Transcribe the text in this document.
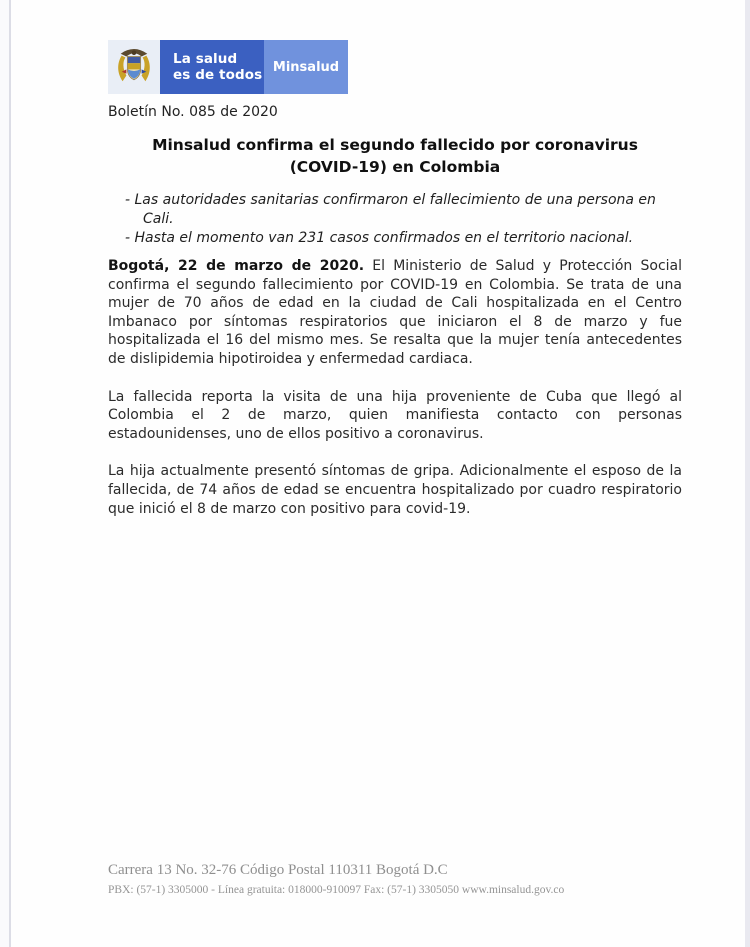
La salud
es de todos Minsalud
Boletín No. 085 de 2020
Minsalud confirma el segundo fallecido por coronavirus
(COVID-19) en Colombia
- Las autoridades sanitarias confirmaron el fallecimiento de una persona en Cali.
- Hasta el momento van 231 casos confirmados en el territorio nacional.

Bogotá, 22 de marzo de 2020. El Ministerio de Salud y Protección Social confirma el segundo fallecimiento por COVID-19 en Colombia. Se trata de una mujer de 70 años de edad en la ciudad de Cali hospitalizada en el Centro Imbanaco por síntomas respiratorios que iniciaron el 8 de marzo y fue hospitalizada el 16 del mismo mes. Se resalta que la mujer tenía antecedentes de dislipidemia hipotiroidea y enfermedad cardiaca.

La fallecida reporta la visita de una hija proveniente de Cuba que llegó al Colombia el 2 de marzo, quien manifiesta contacto con personas estadounidenses, uno de ellos positivo a coronavirus.

La hija actualmente presentó síntomas de gripa. Adicionalmente el esposo de la fallecida, de 74 años de edad se encuentra hospitalizado por cuadro respiratorio que inició el 8 de marzo con positivo para covid-19.

Carrera 13 No. 32-76 Código Postal 110311 Bogotá D.C
PBX: (57-1) 3305000 - Línea gratuita: 018000-910097 Fax: (57-1) 3305050 www.minsalud.gov.co
